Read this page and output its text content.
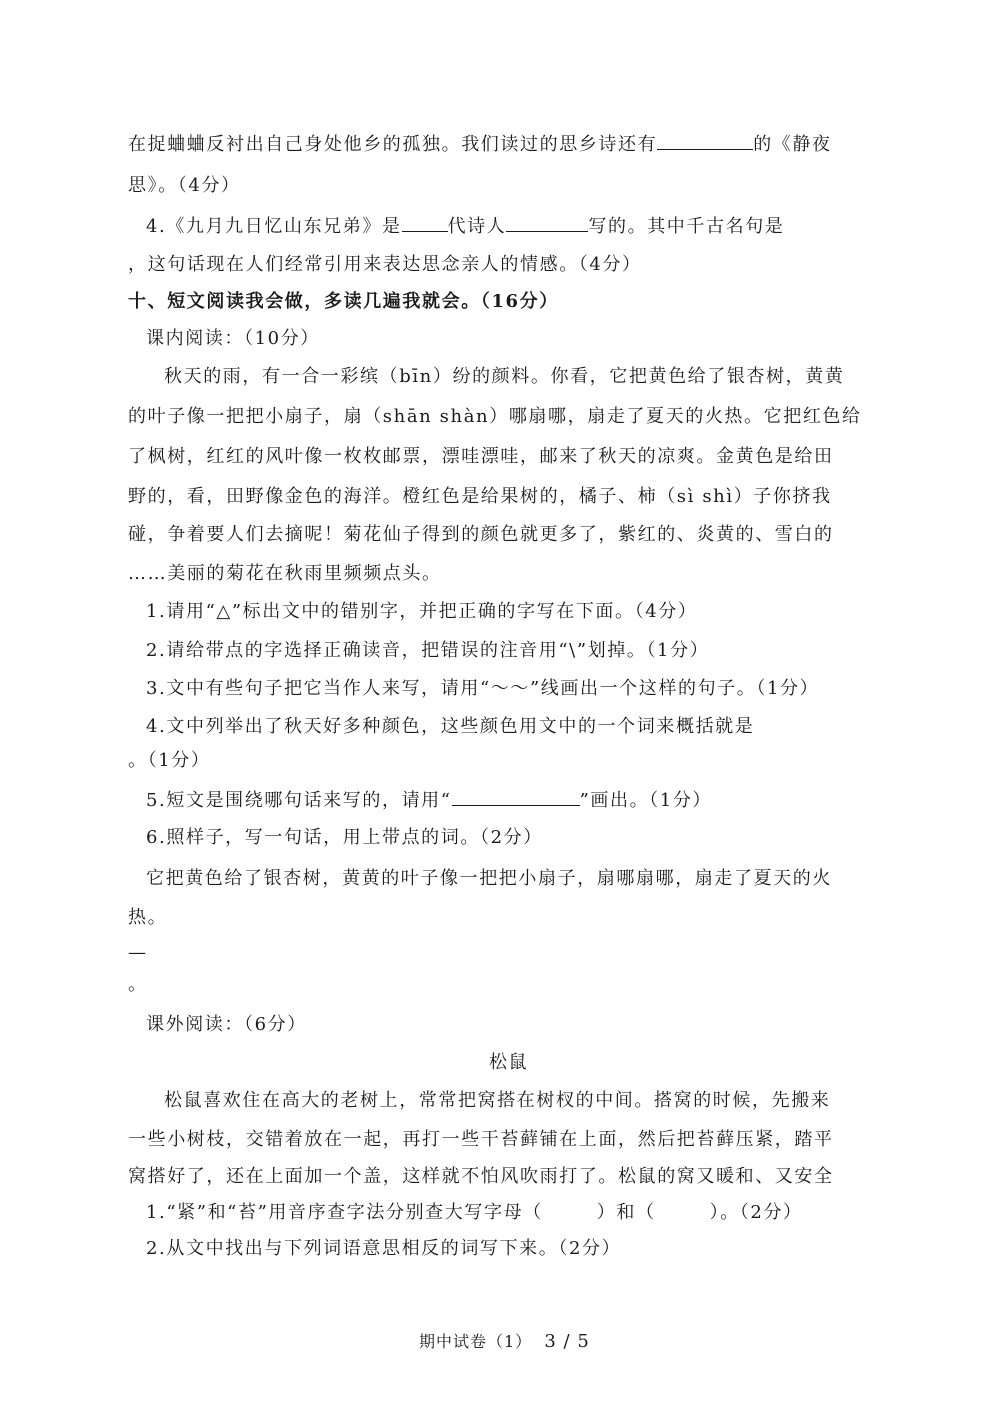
在捉蛐蛐反衬出自己身处他乡的孤独。我们读过的思乡诗还有	的《静夜

思》。（4分）

4.《九月九日忆山东兄弟》是	代诗人	写的。其中千古名句是

，这句话现在人们经常引用来表达思念亲人的情感。（4分）

十、短文阅读我会做，多读几遍我就会。（16分）

课内阅读：（10分）

秋天的雨，有一合一彩缤（bīn）纷的颜料。你看，它把黄色给了银杏树，黄黄

的叶子像一把把小扇子，扇（shān shàn）哪扇哪，扇走了夏天的火热。它把红色给

了枫树，红红的风叶像一枚枚邮票，漂哇漂哇，邮来了秋天的凉爽。金黄色是给田

野的，看，田野像金色的海洋。橙红色是给果树的，橘子、柿（sì shì）子你挤我

碰，争着要人们去摘呢！菊花仙子得到的颜色就更多了，紫红的、炎黄的、雪白的

……美丽的菊花在秋雨里频频点头。

1.请用“△”标出文中的错别字，并把正确的字写在下面。（4分）

2.请给带点的字选择正确读音，把错误的注音用“\”划掉。（1分）

3.文中有些句子把它当作人来写，请用“～～”线画出一个这样的句子。（1分）

4.文中列举出了秋天好多种颜色，这些颜色用文中的一个词来概括就是

。（1分）

5.短文是围绕哪句话来写的，请用“	”画出。（1分）

6.照样子，写一句话，用上带点的词。（2分）

它把黄色给了银杏树，黄黄的叶子像一把把小扇子，扇哪扇哪，扇走了夏天的火

热。

—

。

课外阅读：（6分）

松鼠

松鼠喜欢住在高大的老树上，常常把窝搭在树杈的中间。搭窝的时候，先搬来

一些小树枝，交错着放在一起，再打一些干苔藓铺在上面，然后把苔藓压紧，踏平

窝搭好了，还在上面加一个盖，这样就不怕风吹雨打了。松鼠的窝又暖和、又安全

1.“紧”和“苔”用音序查字法分别查大写字母（	）和（	）。（2分）

2.从文中找出与下列词语意思相反的词写下来。（2分）

期中试卷（1） 3 / 5
